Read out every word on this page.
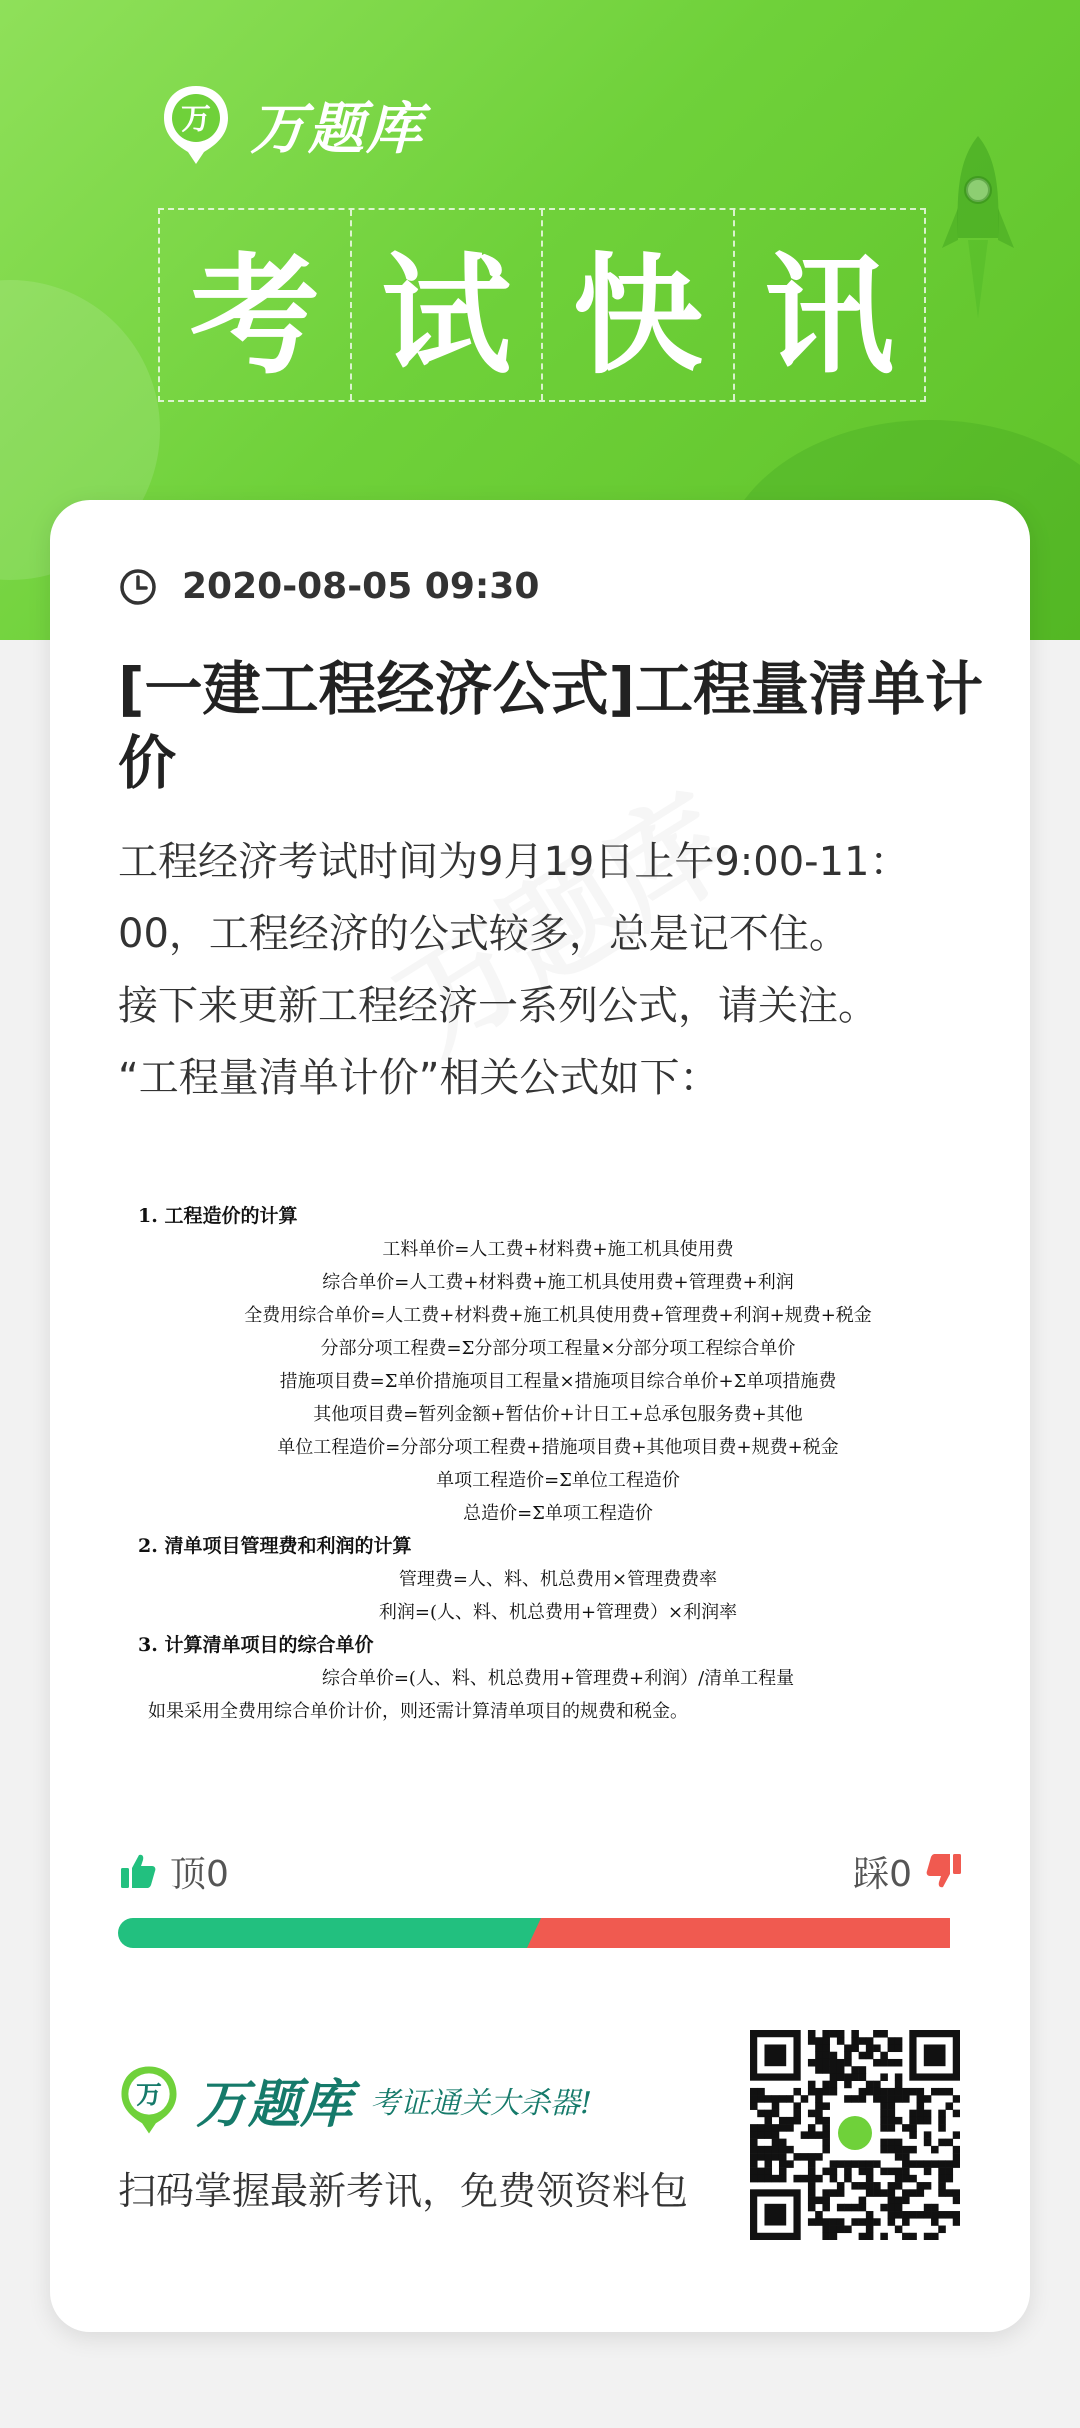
万 万题库
考 试 快 讯
2020-08-05 09:30
[一建工程经济公式]工程量清单计价

工程经济考试时间为9月19日上午9:00-11：00，工程经济的公式较多，总是记不住。

接下来更新工程经济一系列公式，请关注。

“工程量清单计价”相关公式如下：

1. 工程造价的计算
工料单价=人工费+材料费+施工机具使用费
综合单价=人工费+材料费+施工机具使用费+管理费+利润
全费用综合单价=人工费+材料费+施工机具使用费+管理费+利润+规费+税金
分部分项工程费=Σ分部分项工程量×分部分项工程综合单价
措施项目费=Σ单价措施项目工程量×措施项目综合单价+Σ单项措施费
其他项目费=暂列金额+暂估价+计日工+总承包服务费+其他
单位工程造价=分部分项工程费+措施项目费+其他项目费+规费+税金
单项工程造价=Σ单位工程造价
总造价=Σ单项工程造价
2. 清单项目管理费和利润的计算
管理费=人、料、机总费用×管理费费率
利润=(人、料、机总费用+管理费）×利润率
3. 计算清单项目的综合单价
综合单价=(人、料、机总费用+管理费+利润）/清单工程量
如果采用全费用综合单价计价，则还需计算清单项目的规费和税金。
顶0	踩0
万 万题库 考证通关大杀器!
扫码掌握最新考讯，免费领资料包
